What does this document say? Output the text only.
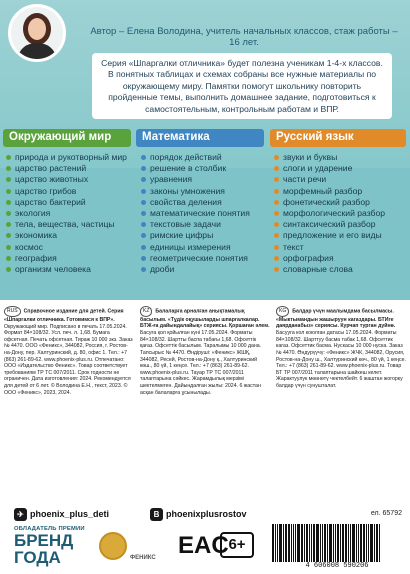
Автор – Елена Володина, учитель начальных классов, стаж работы – 16 лет.
Серия «Шпаргалки отличника» будет полезна ученикам 1-4-х классов. В понятных таблицах и схемах собраны все нужные материалы по окружающему миру. Памятки помогут школьнику повторить пройденные темы, выполнить домашнее задание, подготовиться к самостоятельным, контрольным работам и ВПР.
Окружающий мир	Математика	Русский язык
природа и рукотворный мир
царство растений
царство животных
царство грибов
царство бактерий
экология
тела, вещества, частицы
экономика
космос
география
организм человека
порядок действий
решение в столбик
уравнения
законы умножения
свойства деления
математические понятия
текстовые задачи
римские цифры
единицы измерения
геометрические понятия
дроби
звуки и буквы
слоги и ударение
части речи
морфемный разбор
фонетический разбор
морфологический разбор
синтаксический разбор
предложение и его виды
текст
орфография
словарные слова

RUS Справочное издание для детей. Серия «Шпаргалки отличника. Готовимся к ВПР».

Окружающий мир. Подписано в печать 17.05.2024. Формат 84×108/32. Усл. печ. л. 1,68. Бумага офсетная. Печать офсетная. Тираж 10 000 экз. Заказ № 4470. ООО «Феникс», 344082, Россия, г. Ростов-на-Дону, пер. Халтуринский, д. 80, офис 1. Тел.: +7 (863) 261-89-62. www.phoenix-plus.ru. Отпечатано: ООО «Издательство Феникс». Товар соответствует требованиям ТР ТС 007/2011. Срок годности не ограничен. Дата изготовления: 2024. Рекомендуется для детей от 6 лет. © Володина Е.Н., текст, 2023. © ООО «Феникс», 2023, 2024.

KZ Балаларға арналған анықтамалық басылым. «Тұдік оқушыларды шпаргалкалар. БТЖ-ға дайындалайық» сериясы. Қоршаған әлем.

Басуға қол қойылған күні 17.05.2024. Форматы 84×108/32. Шартты баспа табағы 1,68. Офсеттік қағаз. Офсеттік басылым. Таралымы 10 000 дана. Тапсырыс № 4470. Өндіруші: «Феникс» ЖШҚ, 344082, Ресей, Ростов-на-Дону қ., Халтуринский көш., 80 үй, 1 кеңсе. Тел.: +7 (863) 261-89-62. www.phoenix-plus.ru. Тауар ТР ТС 007/2011 талаптарына сәйкес. Жарамдылық мерзімі шектелмеген. Дайындалған жылы: 2024. 6 жастан асқан балаларға ұсынылады.

KG Балдар үчүн маалымдама басылмасы. «Мыктымандын жашыруун кагаздары. БТИге даярданабыз» сериясы. Курчап турган дүйнө.

Басууга кол коюлган датасы 17.05.2024. Форматы 84×108/32. Шарттуу басма табак 1,68. Офсеттик кагаз. Офсеттик басма. Нускасы 10 000 нуска. Заказ № 4470. Өндүрүүчү: «Феникс» ЖЧК, 344082, Орусия, Ростов-на-Дону ш., Халтуринский көч., 80 үй, 1 кеңсе. Тел.: +7 (863) 261-89-62. www.phoenix-plus.ru. Товар БТ ТР 007/2011 талаптарына шайкеш келет. Жарактуулук мөөнөтү чектелбейт. 6 жаштан жогорку балдар үчүн сунушталат.

✈ phoenix_plus_deti	В phoenixplusrostov
ОБЛАДАТЕЛЬ ПРЕМИИ
БРЕНД
ГОДА	ФЕНИКС EAC 6+
ел. 65792
4 606008 590206
